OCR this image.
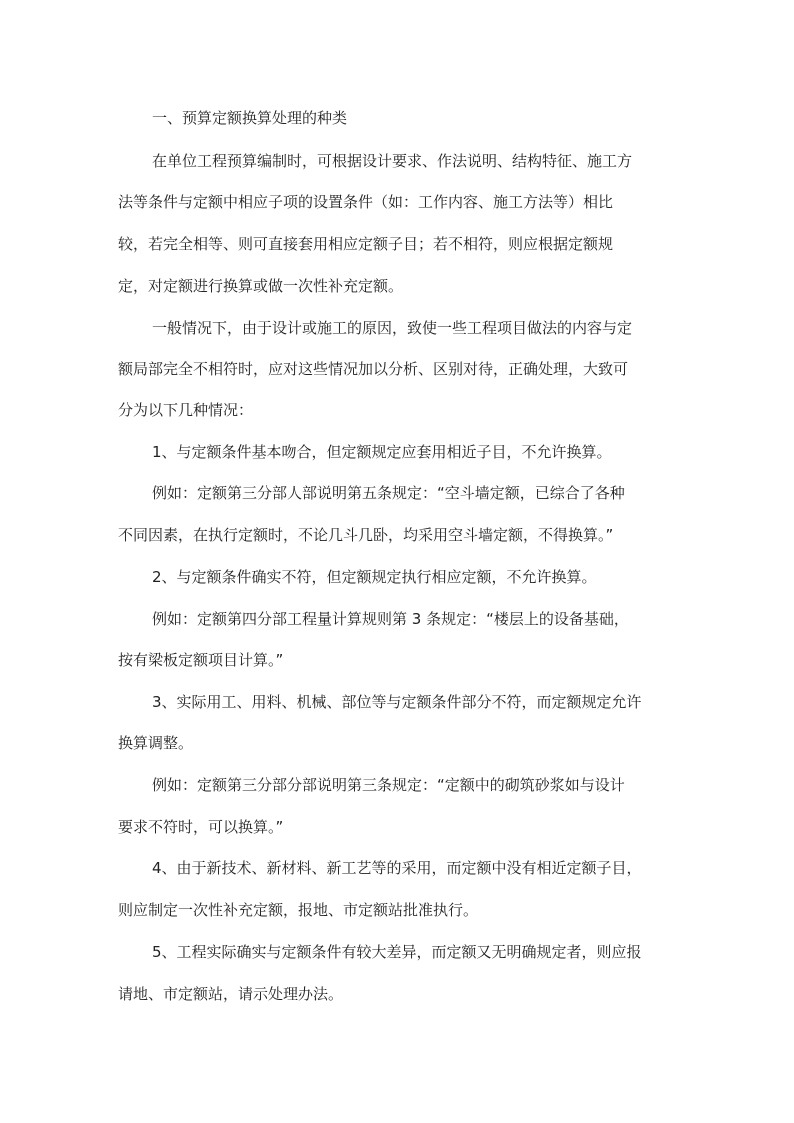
一、预算定额换算处理的种类
在单位工程预算编制时，可根据设计要求、作法说明、结构特征、施工方
法等条件与定额中相应子项的设置条件（如：工作内容、施工方法等）相比
较，若完全相等、则可直接套用相应定额子目；若不相符，则应根据定额规
定，对定额进行换算或做一次性补充定额。
一般情况下，由于设计或施工的原因，致使一些工程项目做法的内容与定
额局部完全不相符时，应对这些情况加以分析、区别对待，正确处理，大致可
分为以下几种情况：
1、与定额条件基本吻合，但定额规定应套用相近子目，不允许换算。
例如：定额第三分部人部说明第五条规定：“空斗墙定额，已综合了各种
不同因素，在执行定额时，不论几斗几卧，均采用空斗墙定额，不得换算。”
2、与定额条件确实不符，但定额规定执行相应定额，不允许换算。
例如：定额第四分部工程量计算规则第 3 条规定：“楼层上的设备基础，
按有梁板定额项目计算。”
3、实际用工、用料、机械、部位等与定额条件部分不符，而定额规定允许
换算调整。
例如：定额第三分部分部说明第三条规定：“定额中的砌筑砂浆如与设计
要求不符时，可以换算。”
4、由于新技术、新材料、新工艺等的采用，而定额中没有相近定额子目，
则应制定一次性补充定额，报地、市定额站批准执行。
5、工程实际确实与定额条件有较大差异，而定额又无明确规定者，则应报
请地、市定额站，请示处理办法。
